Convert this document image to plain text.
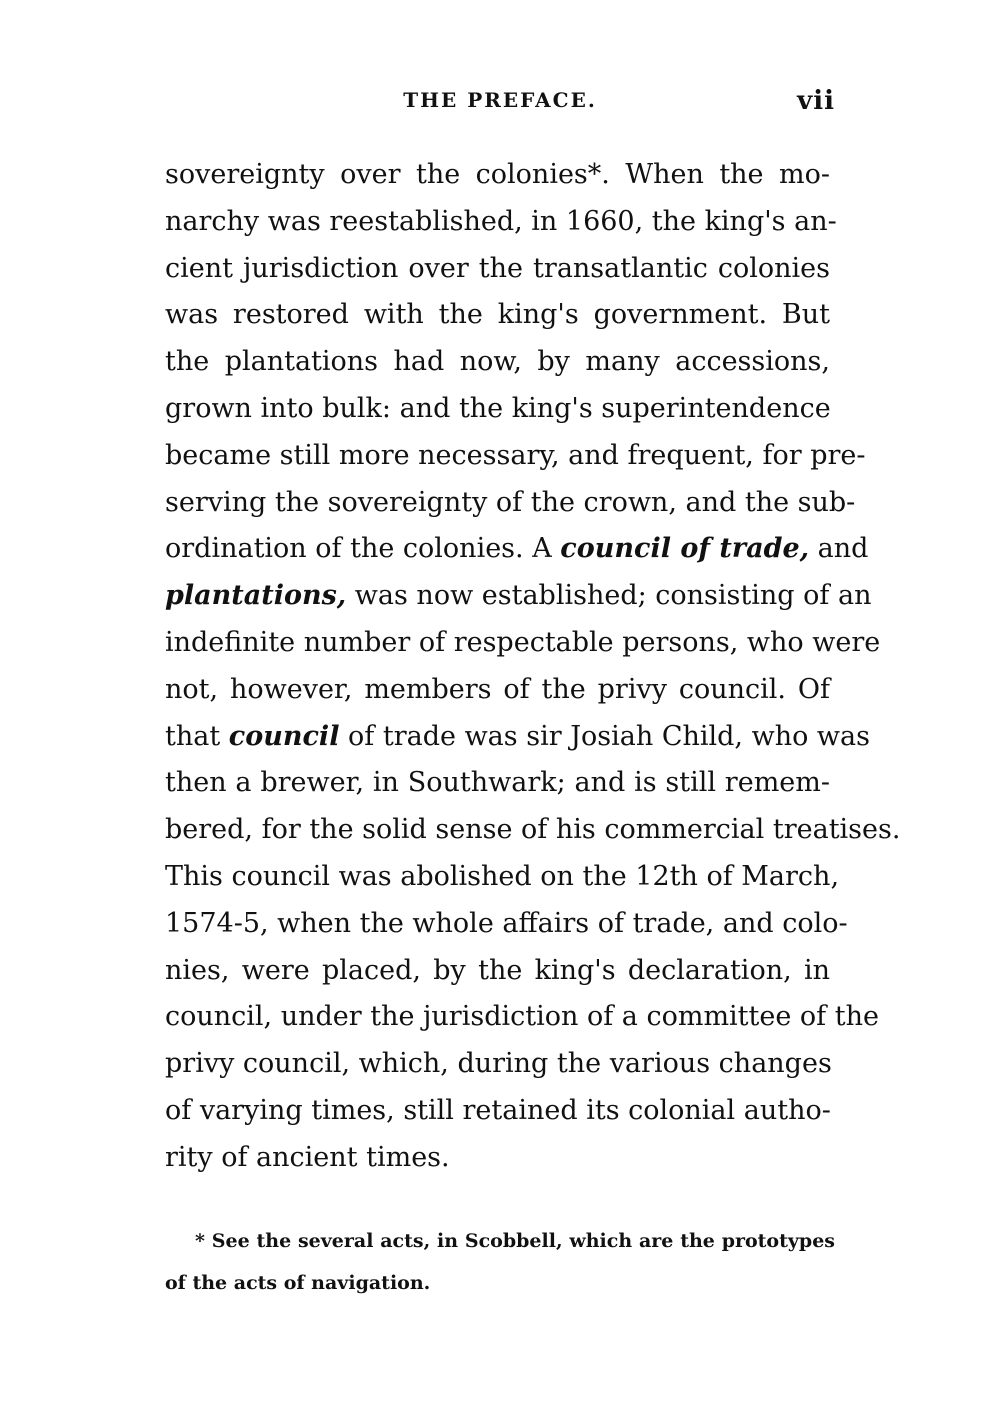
THE PREFACE.	vii
sovereignty over the colonies*. When the mo-
narchy was reestablished, in 1660, the king's an-
cient jurisdiction over the transatlantic colonies
was restored with the king's government. But
the plantations had now, by many accessions,
grown into bulk: and the king's superintendence
became still more necessary, and frequent, for pre-
serving the sovereignty of the crown, and the sub-
ordination of the colonies. A council of trade, and
plantations, was now established; consisting of an
indefinite number of respectable persons, who were
not, however, members of the privy council. Of
that council of trade was sir Josiah Child, who was
then a brewer, in Southwark; and is still remem-
bered, for the solid sense of his commercial treatises.
This council was abolished on the 12th of March,
1574-5, when the whole affairs of trade, and colo-
nies, were placed, by the king's declaration, in
council, under the jurisdiction of a committee of the
privy council, which, during the various changes
of varying times, still retained its colonial autho-
rity of ancient times.
* See the several acts, in Scobbell, which are the prototypes
of the acts of navigation.
